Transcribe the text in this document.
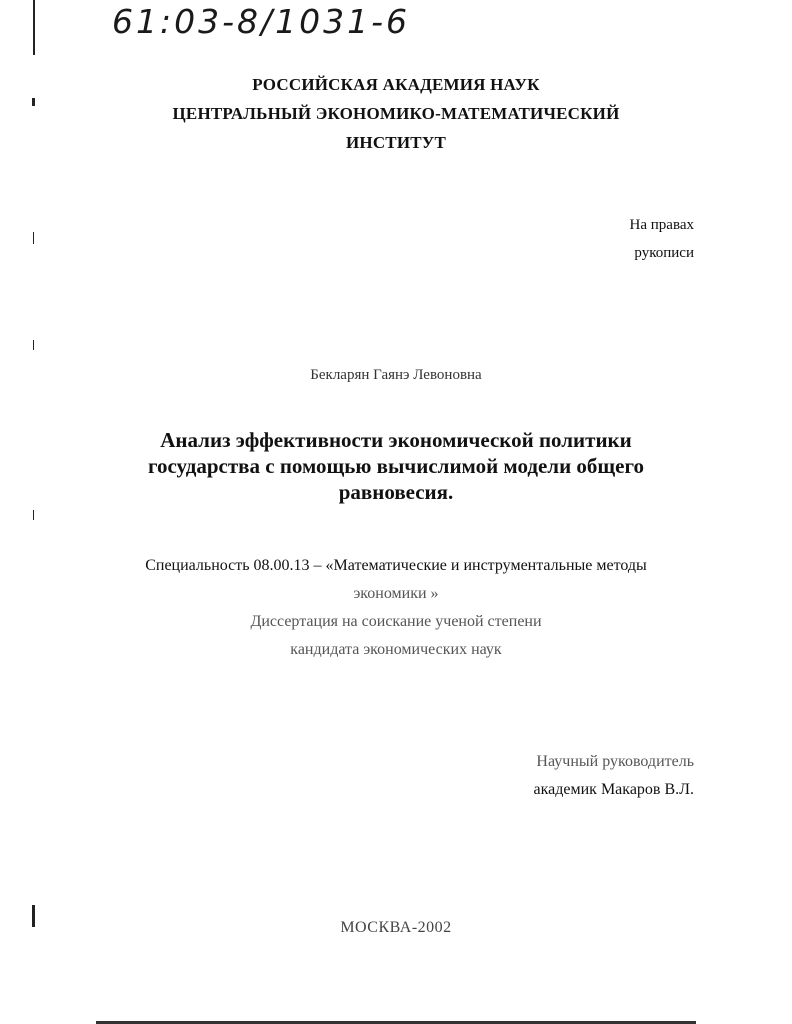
61:03-8/1031-6
РОССИЙСКАЯ АКАДЕМИЯ НАУК
ЦЕНТРАЛЬНЫЙ ЭКОНОМИКО-МАТЕМАТИЧЕСКИЙ
ИНСТИТУТ
На правах
рукописи
Бекларян Гаянэ Левоновна
Анализ эффективности экономической политики
государства с помощью вычислимой модели общего
равновесия.
Специальность 08.00.13 – «Математические и инструментальные методы
экономики »
Диссертация на соискание ученой степени
кандидата экономических наук
Научный руководитель
академик Макаров В.Л.
МОСКВА-2002
